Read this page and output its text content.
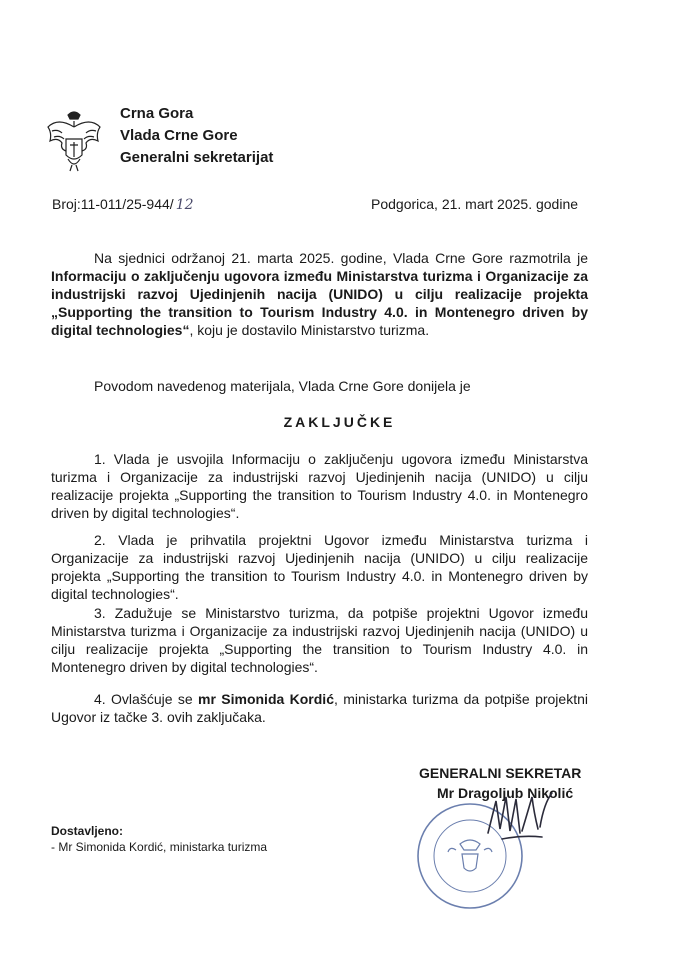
Crna Gora
Vlada Crne Gore
Generalni sekretarijat
Broj:11-011/25-944/ 12	Podgorica, 21. mart 2025. godine
Na sjednici održanoj 21. marta 2025. godine, Vlada Crne Gore razmotrila je Informaciju o zaključenju ugovora između Ministarstva turizma i Organizacije za industrijski razvoj Ujedinjenih nacija (UNIDO) u cilju realizacije projekta „Supporting the transition to Tourism Industry 4.0. in Montenegro driven by digital technologies“, koju je dostavilo Ministarstvo turizma.
Povodom navedenog materijala, Vlada Crne Gore donijela je
ZAKLJUČKE
1. Vlada je usvojila Informaciju o zaključenju ugovora između Ministarstva turizma i Organizacije za industrijski razvoj Ujedinjenih nacija (UNIDO) u cilju realizacije projekta „Supporting the transition to Tourism Industry 4.0. in Montenegro driven by digital technologies“.
2. Vlada je prihvatila projektni Ugovor između Ministarstva turizma i Organizacije za industrijski razvoj Ujedinjenih nacija (UNIDO) u cilju realizacije projekta „Supporting the transition to Tourism Industry 4.0. in Montenegro driven by digital technologies“.
3. Zadužuje se Ministarstvo turizma, da potpiše projektni Ugovor između Ministarstva turizma i Organizacije za industrijski razvoj Ujedinjenih nacija (UNIDO) u cilju realizacije projekta „Supporting the transition to Tourism Industry 4.0. in Montenegro driven by digital technologies“.
4. Ovlašćuje se mr Simonida Kordić, ministarka turizma da potpiše projektni Ugovor iz tačke 3. ovih zaključaka.
GENERALNI SEKRETAR
Mr Dragoljub Nikolić
Dostavljeno:
- Mr Simonida Kordić, ministarka turizma
